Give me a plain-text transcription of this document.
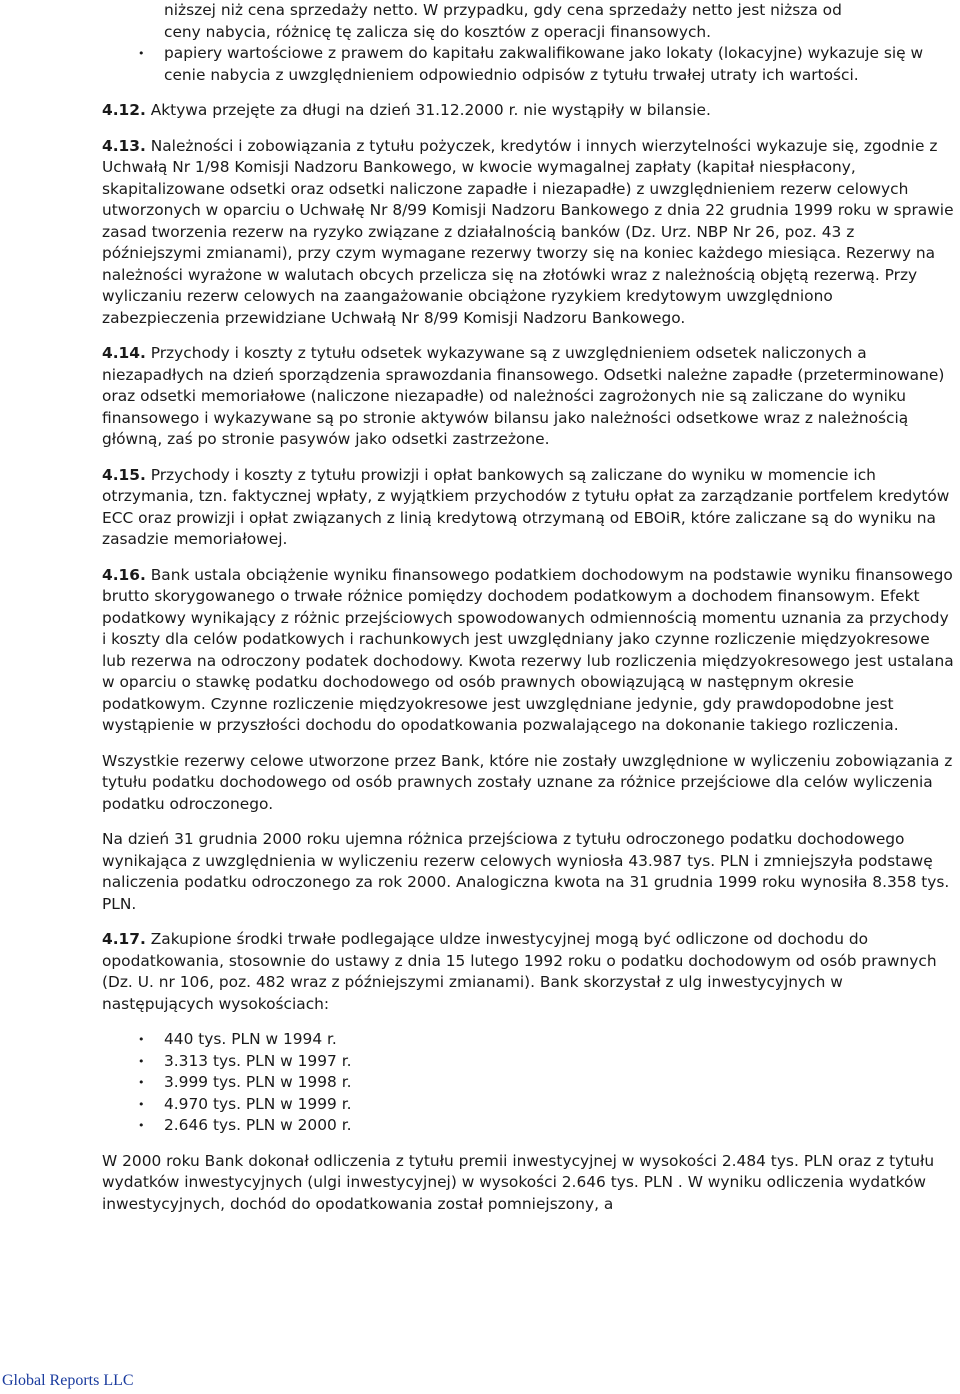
niższej niż cena sprzedaży netto. W przypadku, gdy cena sprzedaży netto jest niższa od
ceny nabycia, różnicę tę zalicza się do kosztów z operacji finansowych.

• papiery wartościowe z prawem do kapitału zakwalifikowane jako lokaty (lokacyjne) wykazuje się w cenie nabycia z uwzględnieniem odpowiednio odpisów z tytułu trwałej utraty ich wartości.

4.12. Aktywa przejęte za długi na dzień 31.12.2000 r. nie wystąpiły w bilansie.

4.13. Należności i zobowiązania z tytułu pożyczek, kredytów i innych wierzytelności wykazuje się, zgodnie z Uchwałą Nr 1/98 Komisji Nadzoru Bankowego, w kwocie wymagalnej zapłaty (kapitał niespłacony, skapitalizowane odsetki oraz odsetki naliczone zapadłe i niezapadłe) z uwzględnieniem rezerw celowych utworzonych w oparciu o Uchwałę Nr 8/99 Komisji Nadzoru Bankowego z dnia 22 grudnia 1999 roku w sprawie zasad tworzenia rezerw na ryzyko związane z działalnością banków (Dz. Urz. NBP Nr 26, poz. 43 z późniejszymi zmianami), przy czym wymagane rezerwy tworzy się na koniec każdego miesiąca. Rezerwy na należności wyrażone w walutach obcych przelicza się na złotówki wraz z należnością objętą rezerwą. Przy wyliczaniu rezerw celowych na zaangażowanie obciążone ryzykiem kredytowym uwzględniono zabezpieczenia przewidziane Uchwałą Nr 8/99 Komisji Nadzoru Bankowego.

4.14. Przychody i koszty z tytułu odsetek wykazywane są z uwzględnieniem odsetek naliczonych a niezapadłych na dzień sporządzenia sprawozdania finansowego. Odsetki należne zapadłe (przeterminowane) oraz odsetki memoriałowe (naliczone niezapadłe) od należności zagrożonych nie są zaliczane do wyniku finansowego i wykazywane są po stronie aktywów bilansu jako należności odsetkowe wraz z należnością główną, zaś po stronie pasywów jako odsetki zastrzeżone.

4.15. Przychody i koszty z tytułu prowizji i opłat bankowych są zaliczane do wyniku w momencie ich otrzymania, tzn. faktycznej wpłaty, z wyjątkiem przychodów z tytułu opłat za zarządzanie portfelem kredytów ECC oraz prowizji i opłat związanych z linią kredytową otrzymaną od EBOiR, które zaliczane są do wyniku na zasadzie memoriałowej.

4.16. Bank ustala obciążenie wyniku finansowego podatkiem dochodowym na podstawie wyniku finansowego brutto skorygowanego o trwałe różnice pomiędzy dochodem podatkowym a dochodem finansowym. Efekt podatkowy wynikający z różnic przejściowych spowodowanych odmiennością momentu uznania za przychody i koszty dla celów podatkowych i rachunkowych jest uwzględniany jako czynne rozliczenie międzyokresowe lub rezerwa na odroczony podatek dochodowy. Kwota rezerwy lub rozliczenia międzyokresowego jest ustalana w oparciu o stawkę podatku dochodowego od osób prawnych obowiązującą w następnym okresie podatkowym. Czynne rozliczenie międzyokresowe jest uwzględniane jedynie, gdy prawdopodobne jest wystąpienie w przyszłości dochodu do opodatkowania pozwalającego na dokonanie takiego rozliczenia.

Wszystkie rezerwy celowe utworzone przez Bank, które nie zostały uwzględnione w wyliczeniu zobowiązania z tytułu podatku dochodowego od osób prawnych zostały uznane za różnice przejściowe dla celów wyliczenia podatku odroczonego.

Na dzień 31 grudnia 2000 roku ujemna różnica przejściowa z tytułu odroczonego podatku dochodowego wynikająca z uwzględnienia w wyliczeniu rezerw celowych wyniosła 43.987 tys. PLN i zmniejszyła podstawę naliczenia podatku odroczonego za rok 2000. Analogiczna kwota na 31 grudnia 1999 roku wynosiła 8.358 tys. PLN.

4.17. Zakupione środki trwałe podlegające uldze inwestycyjnej mogą być odliczone od dochodu do opodatkowania, stosownie do ustawy z dnia 15 lutego 1992 roku o podatku dochodowym od osób prawnych (Dz. U. nr 106, poz. 482 wraz z późniejszymi zmianami). Bank skorzystał z ulg inwestycyjnych w następujących wysokościach:

• 440 tys. PLN w 1994 r.
• 3.313 tys. PLN w 1997 r.
• 3.999 tys. PLN w 1998 r.
• 4.970 tys. PLN w 1999 r.
• 2.646 tys. PLN w 2000 r.

W 2000 roku Bank dokonał odliczenia z tytułu premii inwestycyjnej w wysokości 2.484 tys. PLN oraz z tytułu wydatków inwestycyjnych (ulgi inwestycyjnej) w wysokości 2.646 tys. PLN . W wyniku odliczenia wydatków inwestycyjnych, dochód do opodatkowania został pomniejszony, a

Global Reports LLC
